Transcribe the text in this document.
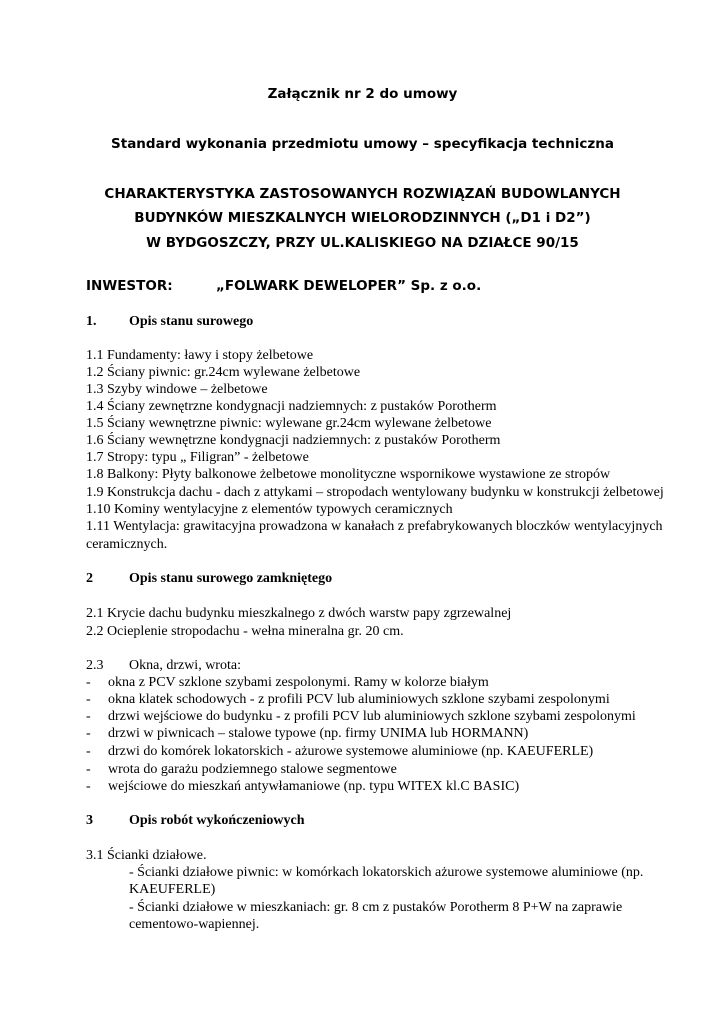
Załącznik nr 2 do umowy
Standard wykonania przedmiotu umowy – specyfikacja techniczna
CHARAKTERYSTYKA ZASTOSOWANYCH ROZWIĄZAŃ BUDOWLANYCH
BUDYNKÓW MIESZKALNYCH WIELORODZINNYCH („D1 i D2”)
W BYDGOSZCZY, PRZY UL.KALISKIEGO NA DZIAŁCE 90/15
INWESTOR:	„FOLWARK DEWELOPER” Sp. z o.o.
1. Opis stanu surowego
1.1 Fundamenty: ławy i stopy żelbetowe
1.2 Ściany piwnic: gr.24cm wylewane żelbetowe
1.3 Szyby windowe – żelbetowe
1.4 Ściany zewnętrzne kondygnacji nadziemnych: z pustaków Porotherm
1.5 Ściany wewnętrzne piwnic: wylewane gr.24cm wylewane żelbetowe
1.6 Ściany wewnętrzne kondygnacji nadziemnych: z pustaków Porotherm
1.7 Stropy: typu „ Filigran” - żelbetowe
1.8 Balkony: Płyty balkonowe żelbetowe monolityczne wspornikowe wystawione ze stropów
1.9 Konstrukcja dachu - dach z attykami – stropodach wentylowany budynku w konstrukcji żelbetowej
1.10 Kominy wentylacyjne z elementów typowych ceramicznych
1.11 Wentylacja: grawitacyjna prowadzona w kanałach z prefabrykowanych bloczków wentylacyjnych
ceramicznych.
2	Opis stanu surowego zamkniętego
2.1 Krycie dachu budynku mieszkalnego z dwóch warstw papy zgrzewalnej
2.2 Ocieplenie stropodachu - wełna mineralna gr. 20 cm.
2.3 Okna, drzwi, wrota:
- okna z PCV szklone szybami zespolonymi. Ramy w kolorze białym
- okna klatek schodowych - z profili PCV lub aluminiowych szklone szybami zespolonymi
- drzwi wejściowe do budynku - z profili PCV lub aluminiowych szklone szybami zespolonymi
- drzwi w piwnicach – stalowe typowe (np. firmy UNIMA lub HORMANN)
- drzwi do komórek lokatorskich - ażurowe systemowe aluminiowe (np. KAEUFERLE)
- wrota do garażu podziemnego stalowe segmentowe
- wejściowe do mieszkań antywłamaniowe (np. typu WITEX kl.C BASIC)
3	Opis robót wykończeniowych
3.1 Ścianki działowe.
- Ścianki działowe piwnic: w komórkach lokatorskich ażurowe systemowe aluminiowe (np.
KAEUFERLE)
- Ścianki działowe w mieszkaniach: gr. 8 cm z pustaków Porotherm 8 P+W na zaprawie
cementowo-wapiennej.
